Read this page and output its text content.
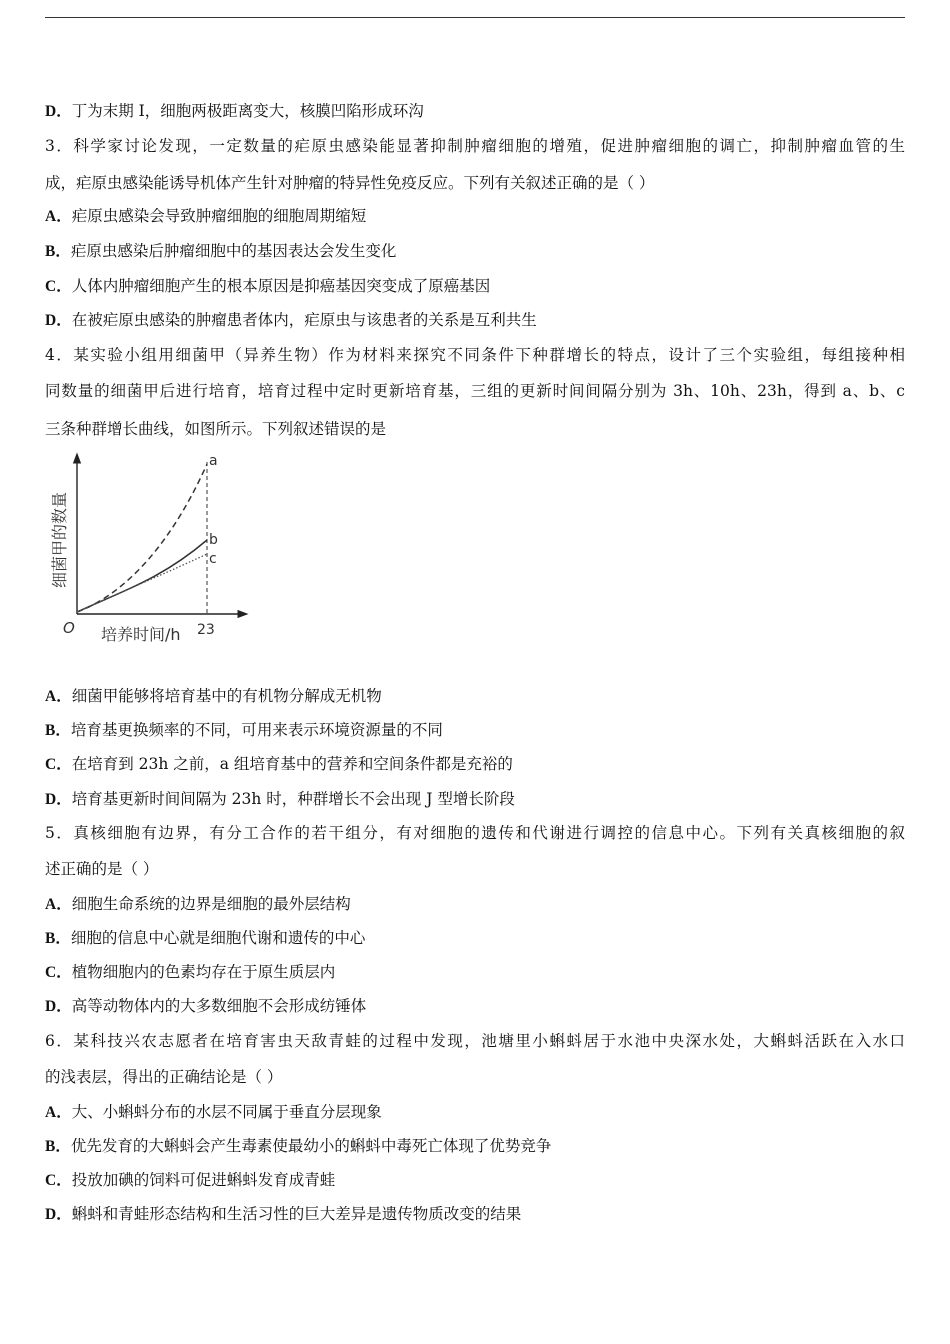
D．丁为末期 I，细胞两极距离变大，核膜凹陷形成环沟
3．科学家讨论发现，一定数量的疟原虫感染能显著抑制肿瘤细胞的增殖，促进肿瘤细胞的调亡，抑制肿瘤血管的生
成，疟原虫感染能诱导机体产生针对肿瘤的特异性免疫反应。下列有关叙述正确的是（ ）
A．疟原虫感染会导致肿瘤细胞的细胞周期缩短
B．疟原虫感染后肿瘤细胞中的基因表达会发生变化
C．人体内肿瘤细胞产生的根本原因是抑癌基因突变成了原癌基因
D．在被疟原虫感染的肿瘤患者体内，疟原虫与该患者的关系是互利共生
4．某实验小组用细菌甲（异养生物）作为材料来探究不同条件下种群增长的特点，设计了三个实验组，每组接种相
同数量的细菌甲后进行培育，培育过程中定时更新培育基，三组的更新时间间隔分别为 3h、10h、23h，得到 a、b、c
三条种群增长曲线，如图所示。下列叙述错误的是
a
b
c
细菌甲的数量
培养时间/h
O	23
A．细菌甲能够将培育基中的有机物分解成无机物
B．培育基更换频率的不同，可用来表示环境资源量的不同
C．在培育到 23h 之前，a 组培育基中的营养和空间条件都是充裕的
D．培育基更新时间间隔为 23h 时，种群增长不会出现 J 型增长阶段
5．真核细胞有边界，有分工合作的若干组分，有对细胞的遗传和代谢进行调控的信息中心。下列有关真核细胞的叙
述正确的是（ ）
A．细胞生命系统的边界是细胞的最外层结构
B．细胞的信息中心就是细胞代谢和遗传的中心
C．植物细胞内的色素均存在于原生质层内
D．高等动物体内的大多数细胞不会形成纺锤体
6．某科技兴农志愿者在培育害虫天敌青蛙的过程中发现，池塘里小蝌蚪居于水池中央深水处，大蝌蚪活跃在入水口
的浅表层，得出的正确结论是（ ）
A．大、小蝌蚪分布的水层不同属于垂直分层现象
B．优先发育的大蝌蚪会产生毒素使最幼小的蝌蚪中毒死亡体现了优势竞争
C．投放加碘的饲料可促进蝌蚪发育成青蛙
D．蝌蚪和青蛙形态结构和生活习性的巨大差异是遗传物质改变的结果
